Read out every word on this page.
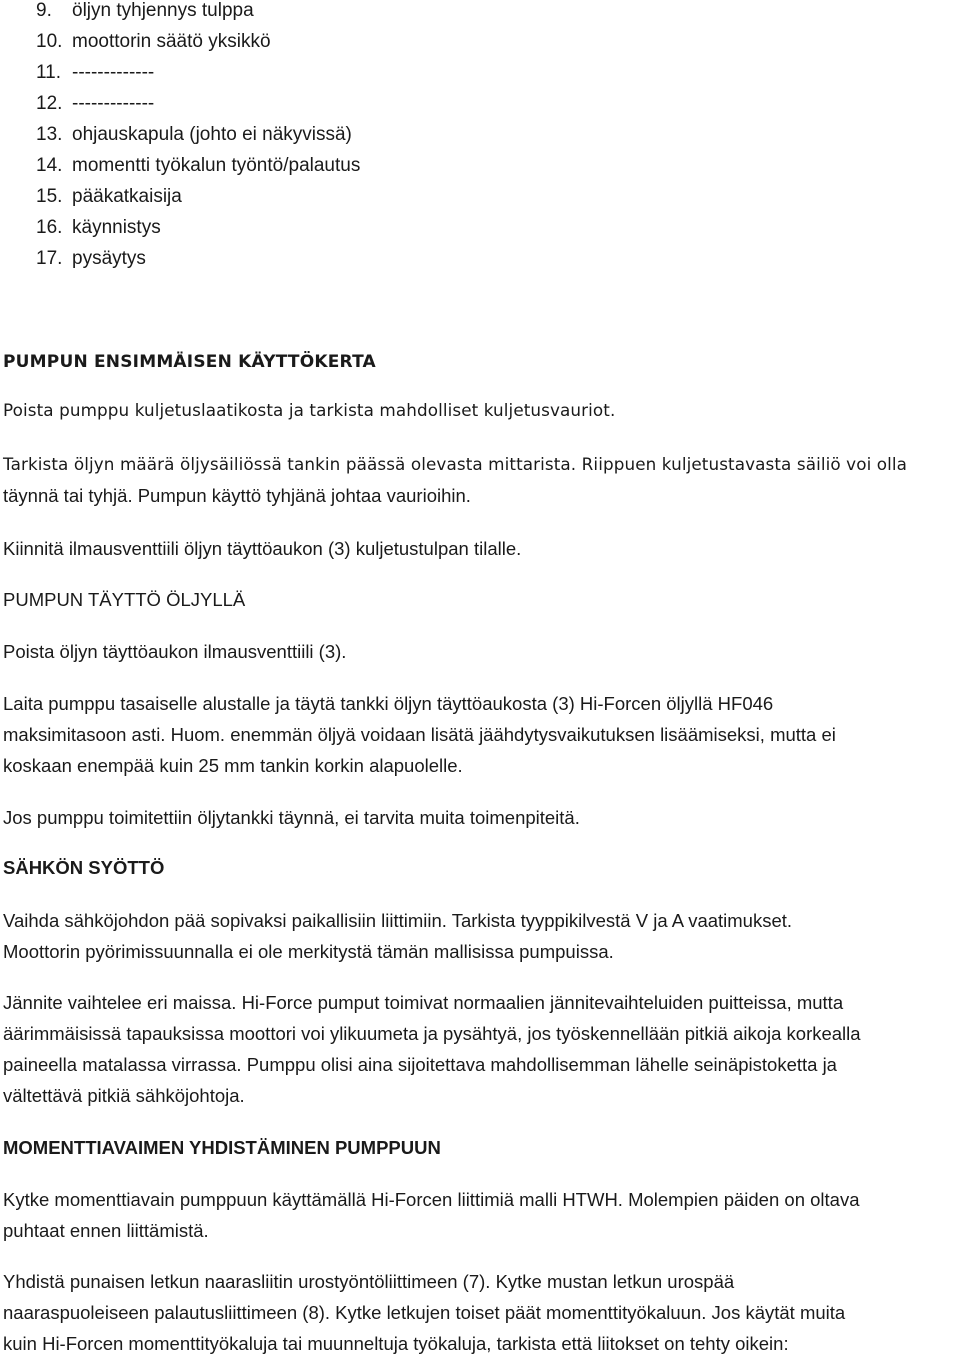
9. öljyn tyhjennys tulppa
10. moottorin säätö yksikkö
11. -------------
12. -------------
13. ohjauskapula (johto ei näkyvissä)
14. momentti työkalun työntö/palautus
15. pääkatkaisija
16. käynnistys
17. pysäytys
PUMPUN ENSIMMÄISEN KÄYTTÖKERTA

Poista pumppu kuljetuslaatikosta ja tarkista mahdolliset kuljetusvauriot.

Tarkista öljyn määrä öljysäiliössä tankin päässä olevasta mittarista. Riippuen kuljetustavasta säiliö voi olla

täynnä tai tyhjä. Pumpun käyttö tyhjänä johtaa vaurioihin.

Kiinnitä ilmausventtiili öljyn täyttöaukon (3) kuljetustulpan tilalle.

PUMPUN TÄYTTÖ ÖLJYLLÄ

Poista öljyn täyttöaukon ilmausventtiili (3).

Laita pumppu tasaiselle alustalle ja täytä tankki öljyn täyttöaukosta (3) Hi-Forcen öljyllä HF046

maksimitasoon asti. Huom. enemmän öljyä voidaan lisätä jäähdytysvaikutuksen lisäämiseksi, mutta ei

koskaan enempää kuin 25 mm tankin korkin alapuolelle.

Jos pumppu toimitettiin öljytankki täynnä, ei tarvita muita toimenpiteitä.

SÄHKÖN SYÖTTÖ

Vaihda sähköjohdon pää sopivaksi paikallisiin liittimiin. Tarkista tyyppikilvestä V ja A vaatimukset.

Moottorin pyörimissuunnalla ei ole merkitystä tämän mallisissa pumpuissa.

Jännite vaihtelee eri maissa. Hi-Force pumput toimivat normaalien jännitevaihteluiden puitteissa, mutta

äärimmäisissä tapauksissa moottori voi ylikuumeta ja pysähtyä, jos työskennellään pitkiä aikoja korkealla

paineella matalassa virrassa. Pumppu olisi aina sijoitettava mahdollisemman lähelle seinäpistoketta ja

vältettävä pitkiä sähköjohtoja.

MOMENTTIAVAIMEN YHDISTÄMINEN PUMPPUUN

Kytke momenttiavain pumppuun käyttämällä Hi-Forcen liittimiä malli HTWH. Molempien päiden on oltava

puhtaat ennen liittämistä.

Yhdistä punaisen letkun naarasliitin urostyöntöliittimeen (7). Kytke mustan letkun urospää

naaraspuoleiseen palautusliittimeen (8). Kytke letkujen toiset päät momenttityökaluun. Jos käytät muita

kuin Hi-Forcen momenttityökaluja tai muunneltuja työkaluja, tarkista että liitokset on tehty oikein:
